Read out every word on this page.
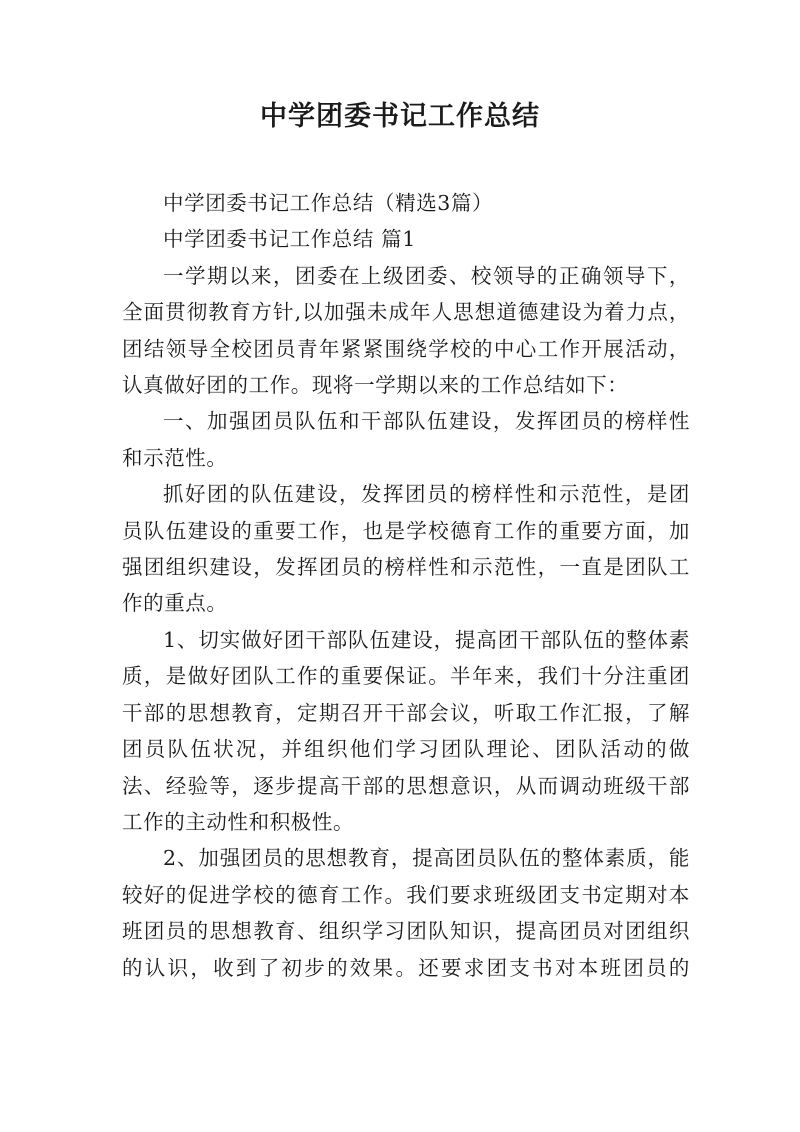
中学团委书记工作总结

中学团委书记工作总结（精选3篇）

中学团委书记工作总结 篇1

一学期以来，团委在上级团委、校领导的正确领导下，全面贯彻教育方针,以加强未成年人思想道德建设为着力点，团结领导全校团员青年紧紧围绕学校的中心工作开展活动，认真做好团的工作。现将一学期以来的工作总结如下：

一、加强团员队伍和干部队伍建设，发挥团员的榜样性和示范性。

抓好团的队伍建设，发挥团员的榜样性和示范性，是团员队伍建设的重要工作，也是学校德育工作的重要方面，加强团组织建设，发挥团员的榜样性和示范性，一直是团队工作的重点。

1、切实做好团干部队伍建设，提高团干部队伍的整体素质，是做好团队工作的重要保证。半年来，我们十分注重团干部的思想教育，定期召开干部会议，听取工作汇报，了解团员队伍状况，并组织他们学习团队理论、团队活动的做法、经验等，逐步提高干部的思想意识，从而调动班级干部工作的主动性和积极性。

2、加强团员的思想教育，提高团员队伍的整体素质，能较好的促进学校的德育工作。我们要求班级团支书定期对本班团员的思想教育、组织学习团队知识，提高团员对团组织的认识，收到了初步的效果。还要求团支书对本班团员的
